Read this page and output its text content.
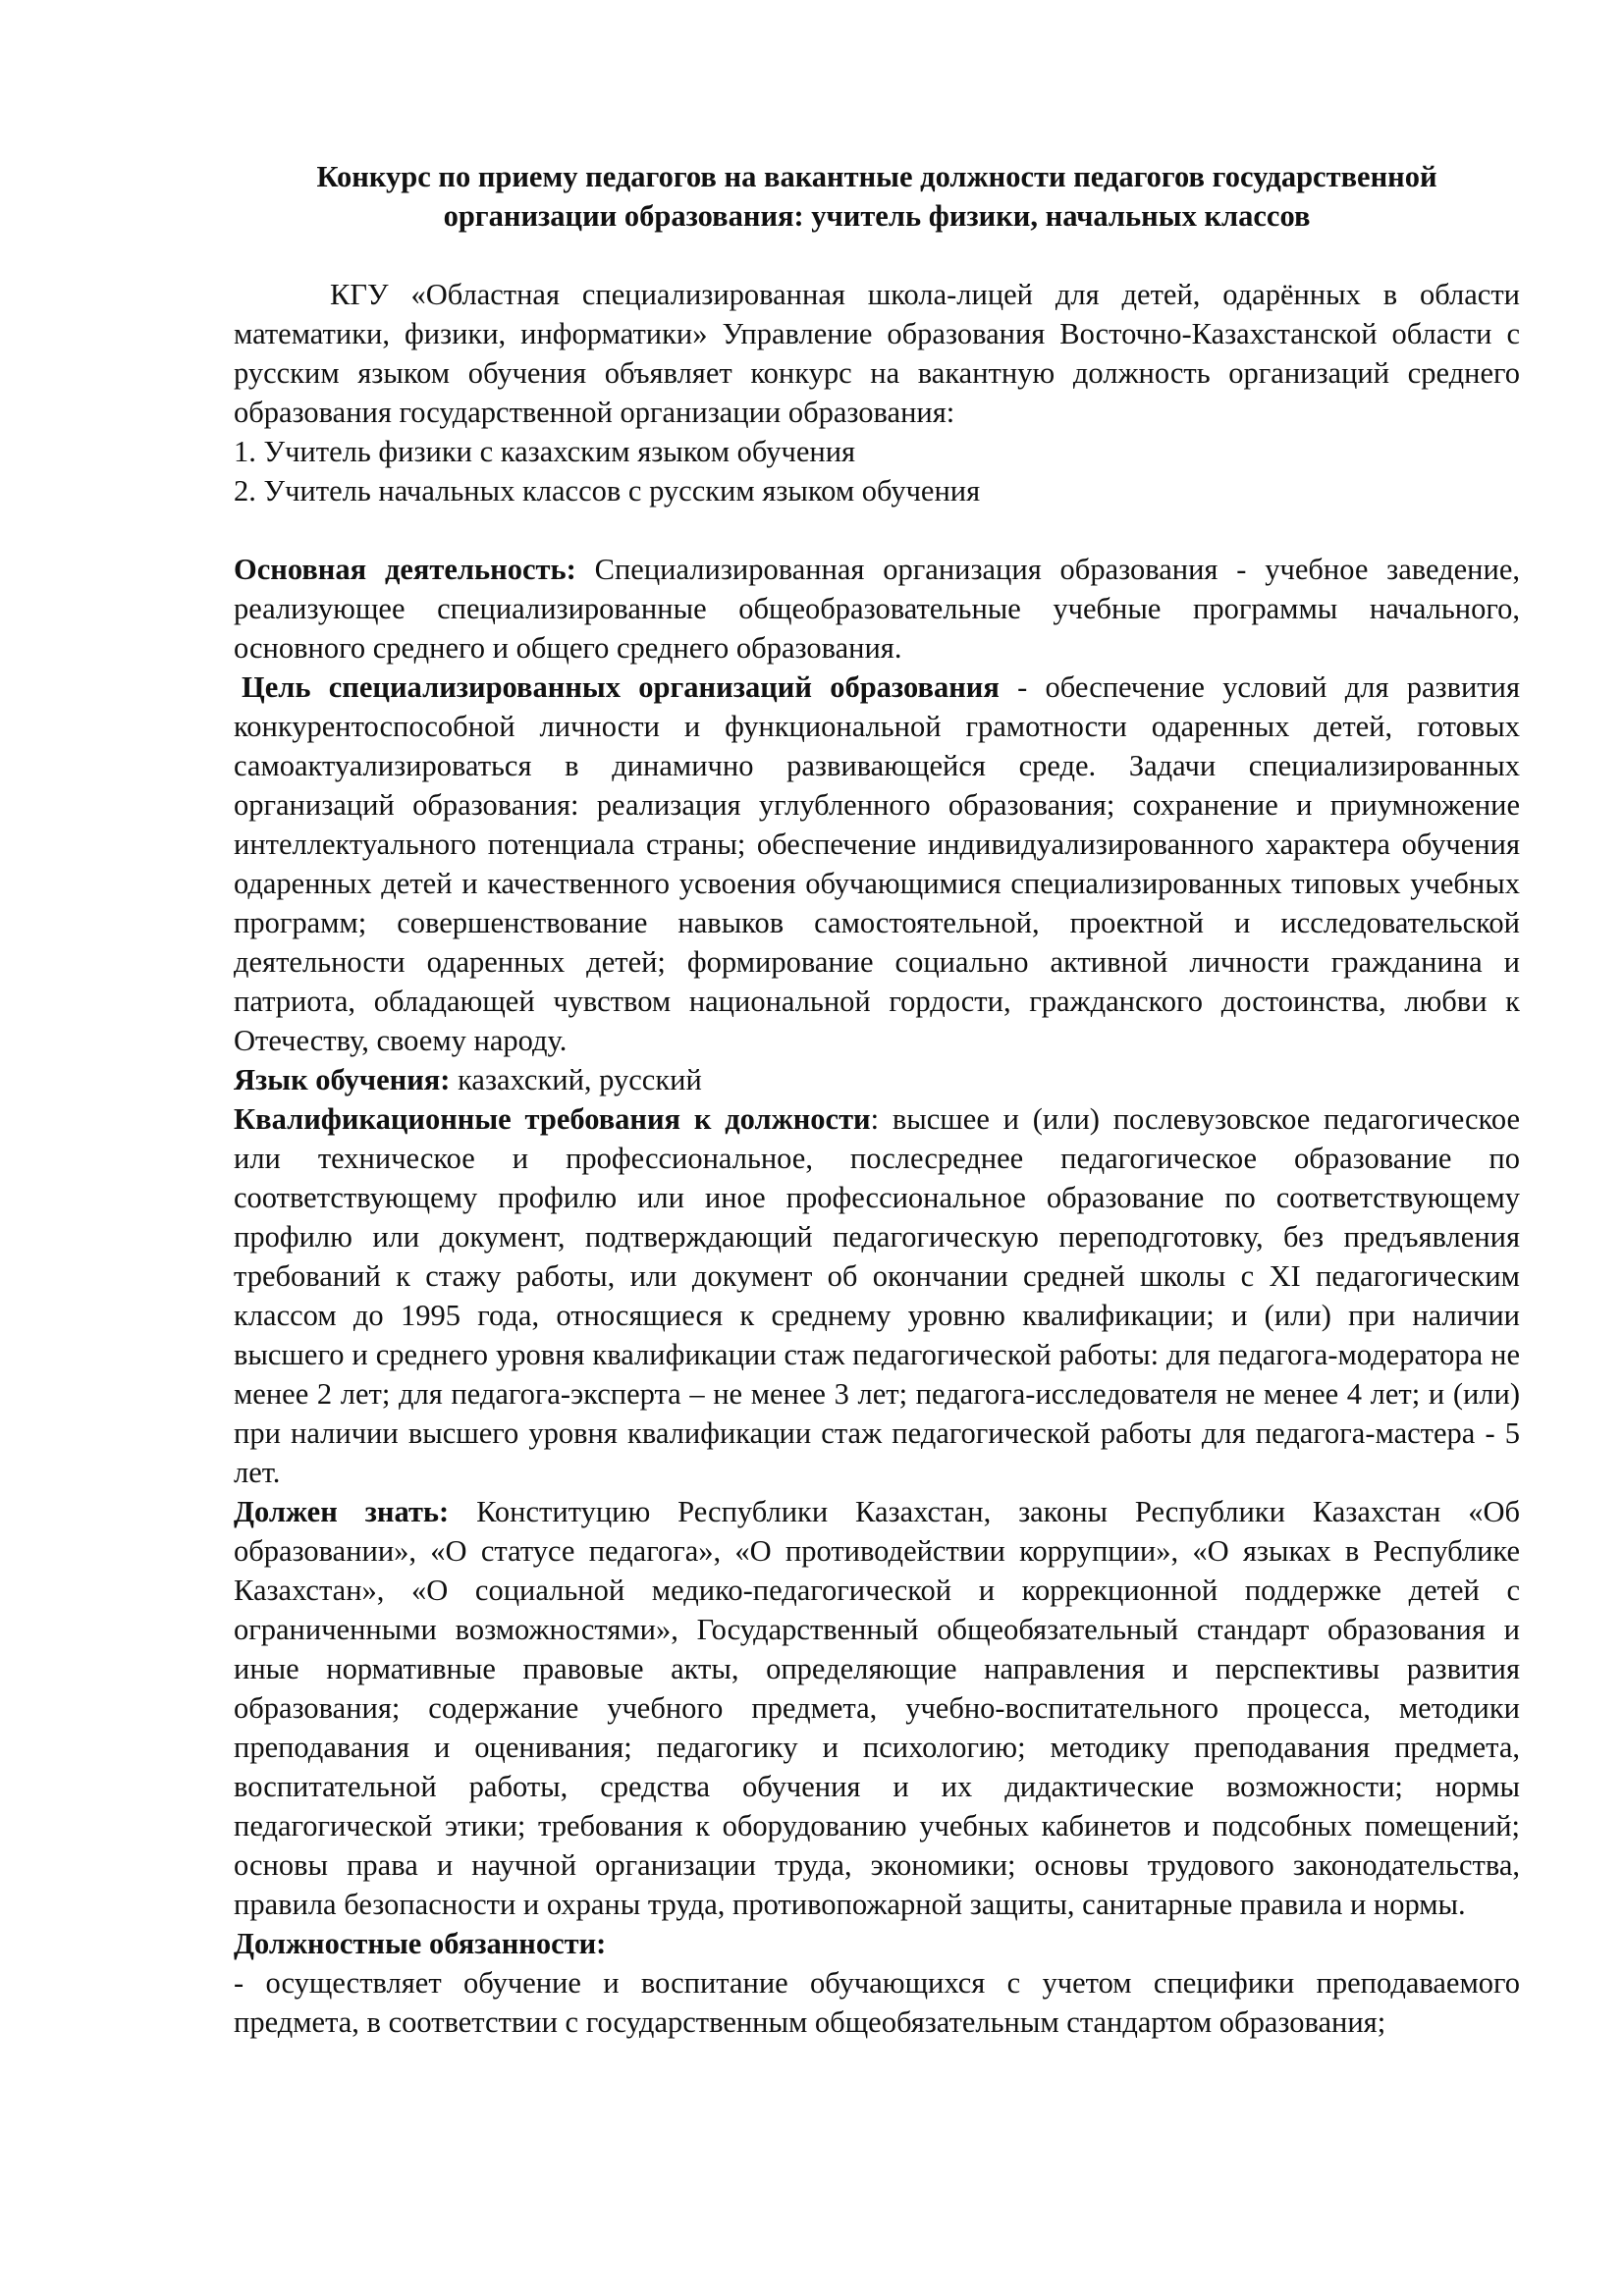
Конкурс по приему педагогов на вакантные должности педагогов государственной
организации образования: учитель физики, начальных классов

КГУ «Областная специализированная школа-лицей для детей, одарённых в области математики, физики, информатики» Управление образования Восточно-Казахстанской области с русским языком обучения объявляет конкурс на вакантную должность организаций среднего образования государственной организации образования:

1. Учитель физики с казахским языком обучения

2. Учитель начальных классов с русским языком обучения

Основная деятельность: Специализированная организация образования - учебное заведение, реализующее специализированные общеобразовательные учебные программы начального, основного среднего и общего среднего образования.

Цель специализированных организаций образования - обеспечение условий для развития конкурентоспособной личности и функциональной грамотности одаренных детей, готовых самоактуализироваться в динамично развивающейся среде. Задачи специализированных организаций образования: реализация углубленного образования; сохранение и приумножение интеллектуального потенциала страны; обеспечение индивидуализированного характера обучения одаренных детей и качественного усвоения обучающимися специализированных типовых учебных программ; совершенствование навыков самостоятельной, проектной и исследовательской деятельности одаренных детей; формирование социально активной личности гражданина и патриота, обладающей чувством национальной гордости, гражданского достоинства, любви к Отечеству, своему народу.

Язык обучения: казахский, русский

Квалификационные требования к должности: высшее и (или) послевузовское педагогическое или техническое и профессиональное, послесреднее педагогическое образование по соответствующему профилю или иное профессиональное образование по соответствующему профилю или документ, подтверждающий педагогическую переподготовку, без предъявления требований к стажу работы, или документ об окончании средней школы с XI педагогическим классом до 1995 года, относящиеся к среднему уровню квалификации; и (или) при наличии высшего и среднего уровня квалификации стаж педагогической работы: для педагога-модератора не менее 2 лет; для педагога-эксперта – не менее 3 лет; педагога-исследователя не менее 4 лет; и (или) при наличии высшего уровня квалификации стаж педагогической работы для педагога-мастера - 5 лет.

Должен знать: Конституцию Республики Казахстан, законы Республики Казахстан «Об образовании», «О статусе педагога», «О противодействии коррупции», «О языках в Республике Казахстан», «О социальной медико-педагогической и коррекционной поддержке детей с ограниченными возможностями», Государственный общеобязательный стандарт образования и иные нормативные правовые акты, определяющие направления и перспективы развития образования; содержание учебного предмета, учебно-воспитательного процесса, методики преподавания и оценивания; педагогику и психологию; методику преподавания предмета, воспитательной работы, средства обучения и их дидактические возможности; нормы педагогической этики; требования к оборудованию учебных кабинетов и подсобных помещений; основы права и научной организации труда, экономики; основы трудового законодательства, правила безопасности и охраны труда, противопожарной защиты, санитарные правила и нормы.

Должностные обязанности:

- осуществляет обучение и воспитание обучающихся с учетом специфики преподаваемого предмета, в соответствии с государственным общеобязательным стандартом образования;
